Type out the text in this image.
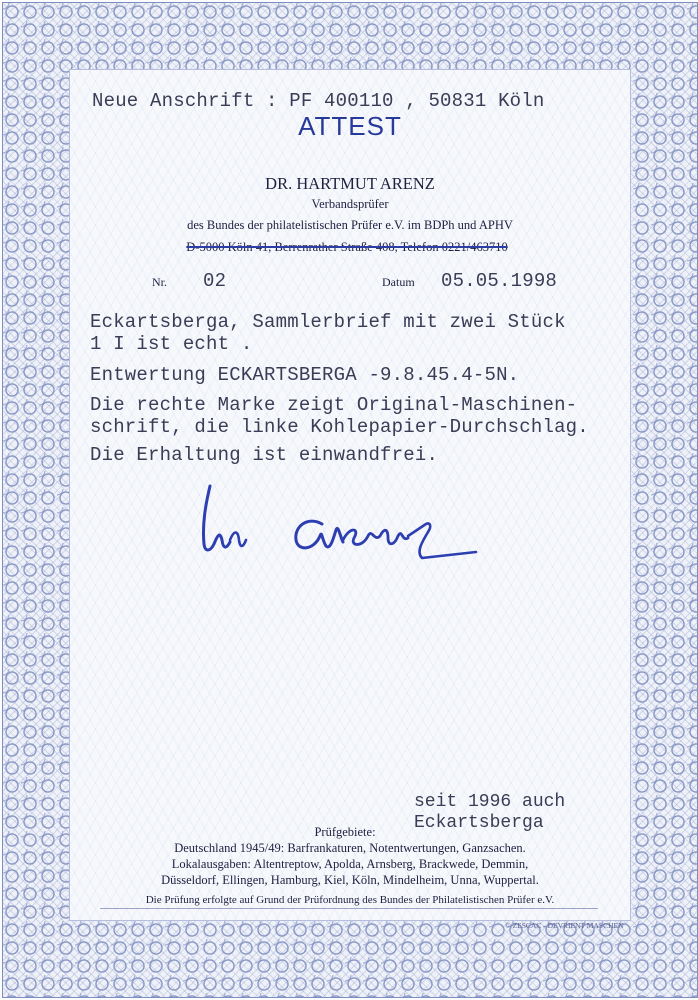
Neue Anschrift : PF 400110 , 50831 Köln
ATTEST
DR. HARTMUT ARENZ
Verbandsprüfer
des Bundes der philatelistischen Prüfer e.V. im BDPh und APHV
D-5000 Köln 41, Berrenrather Straße 408, Telefon 0221/463710
Nr. 02	Datum 05.05.1998
Eckartsberga, Sammlerbrief mit zwei Stück
1 I ist echt .
Entwertung ECKARTSBERGA -9.8.45.4-5N.
Die rechte Marke zeigt Original-Maschinen-
schrift, die linke Kohlepapier-Durchschlag.
Die Erhaltung ist einwandfrei.
seit 1996 auch
Eckartsberga
Prüfgebiete:
Deutschland 1945/49: Barfrankaturen, Notentwertungen, Ganzsachen.
Lokalausgaben: Altentreptow, Apolda, Arnsberg, Brackwede, Demmin,
Düsseldorf, Ellingen, Hamburg, Kiel, Köln, Mindelheim, Unna, Wuppertal.
Die Prüfung erfolgte auf Grund der Prüfordnung des Bundes der Philatelistischen Prüfer e.V.
© ZESCAC - DEVRIENT MASCHEN
